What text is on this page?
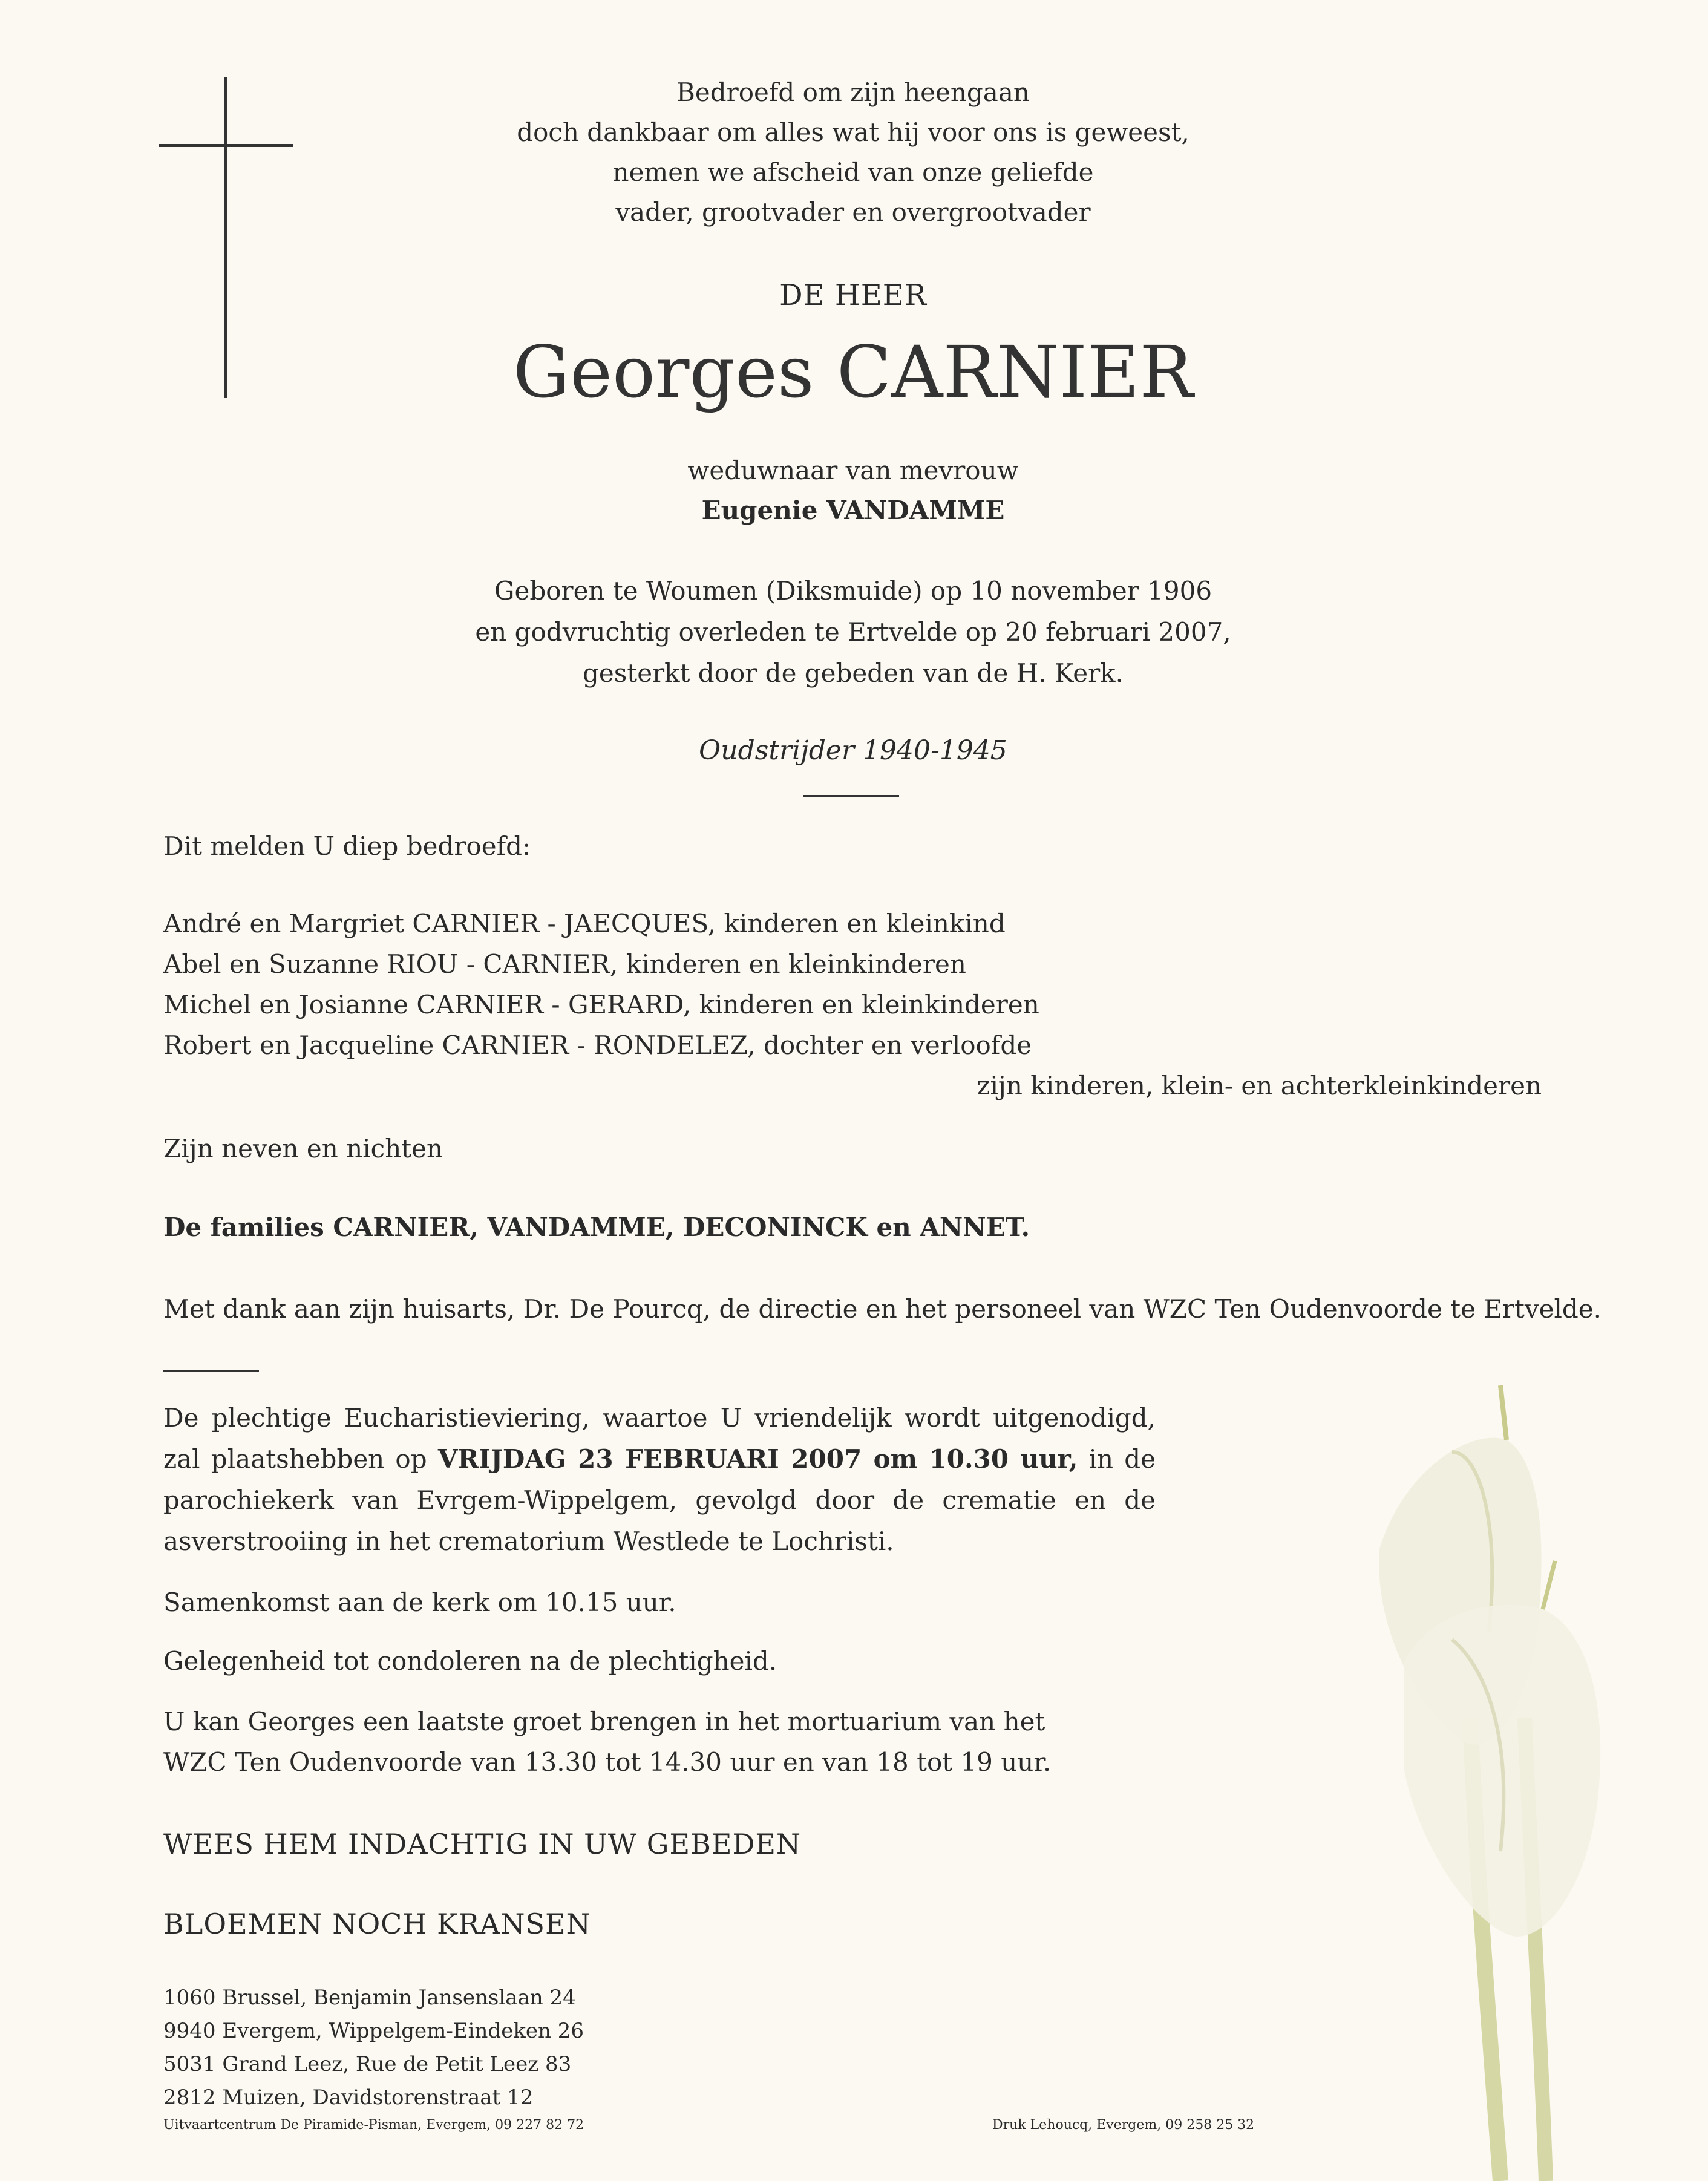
Bedroefd om zijn heengaan
doch dankbaar om alles wat hij voor ons is geweest,
nemen we afscheid van onze geliefde
vader, grootvader en overgrootvader
DE HEER
Georges CARNIER
weduwnaar van mevrouw
Eugenie VANDAMME
Geboren te Woumen (Diksmuide) op 10 november 1906
en godvruchtig overleden te Ertvelde op 20 februari 2007,
gesterkt door de gebeden van de H. Kerk.
Oudstrijder 1940-1945
Dit melden U diep bedroefd:
André en Margriet CARNIER - JAECQUES, kinderen en kleinkind
Abel en Suzanne RIOU - CARNIER, kinderen en kleinkinderen
Michel en Josianne CARNIER - GERARD, kinderen en kleinkinderen
Robert en Jacqueline CARNIER - RONDELEZ, dochter en verloofde
zijn kinderen, klein- en achterkleinkinderen
Zijn neven en nichten
De families CARNIER, VANDAMME, DECONINCK en ANNET.
Met dank aan zijn huisarts, Dr. De Pourcq, de directie en het personeel van WZC Ten Oudenvoorde te Ertvelde.
De plechtige Eucharistieviering, waartoe U vriendelijk wordt uitgenodigd, zal plaatshebben op VRIJDAG 23 FEBRUARI 2007 om 10.30 uur, in de parochiekerk van Evrgem-Wippelgem, gevolgd door de crematie en de asverstrooiing in het crematorium Westlede te Lochristi.
Samenkomst aan de kerk om 10.15 uur.
Gelegenheid tot condoleren na de plechtigheid.
U kan Georges een laatste groet brengen in het mortuarium van het
WZC Ten Oudenvoorde van 13.30 tot 14.30 uur en van 18 tot 19 uur.
WEES HEM INDACHTIG IN UW GEBEDEN
BLOEMEN NOCH KRANSEN
1060 Brussel, Benjamin Jansenslaan 24
9940 Evergem, Wippelgem-Eindeken 26
5031 Grand Leez, Rue de Petit Leez 83
2812 Muizen, Davidstorenstraat 12
Uitvaartcentrum De Piramide-Pisman, Evergem, 09 227 82 72	Druk Lehoucq, Evergem, 09 258 25 32
